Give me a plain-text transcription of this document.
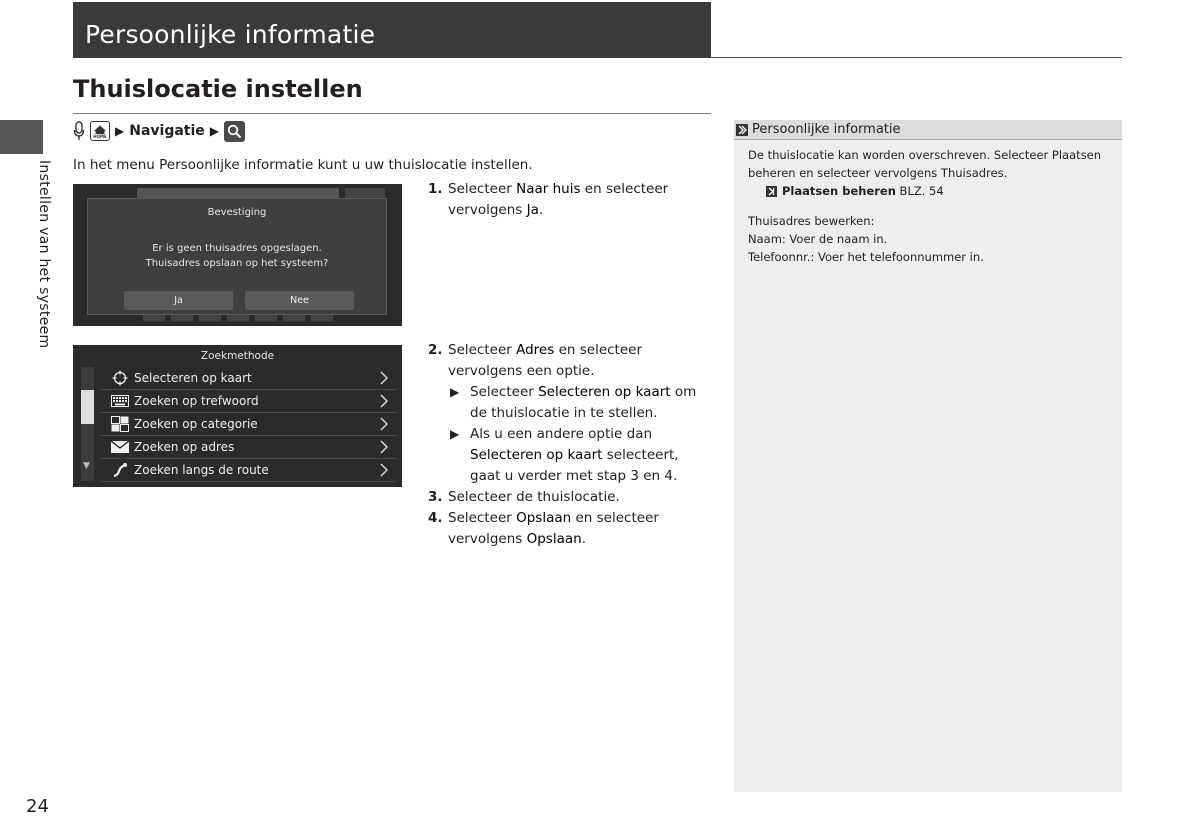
Persoonlijke informatie
Instellen van het systeem
Thuislocatie instellen
HOME ▶ Navigatie ▶
In het menu Persoonlijke informatie kunt u uw thuislocatie instellen.
Bevestiging
Er is geen thuisadres opgeslagen.
Thuisadres opslaan op het systeem?
Ja	Nee
Zoekmethode
▼
Selecteren op kaart
Zoeken op trefwoord
Zoeken op categorie
Zoeken op adres
Zoeken langs de route
1. Selecteer Naar huis en selecteer
vervolgens Ja.
2. Selecteer Adres en selecteer
vervolgens een optie.
▶ Selecteer Selecteren op kaart om
de thuislocatie in te stellen.
▶ Als u een andere optie dan
Selecteren op kaart selecteert,
gaat u verder met stap 3 en 4.
3. Selecteer de thuislocatie.
4. Selecteer Opslaan en selecteer
vervolgens Opslaan.
Persoonlijke informatie
De thuislocatie kan worden overschreven. Selecteer Plaatsen
beheren en selecteer vervolgens Thuisadres.
Plaatsen beheren BLZ. 54
Thuisadres bewerken:
Naam: Voer de naam in.
Telefoonnr.: Voer het telefoonnummer in.
24
